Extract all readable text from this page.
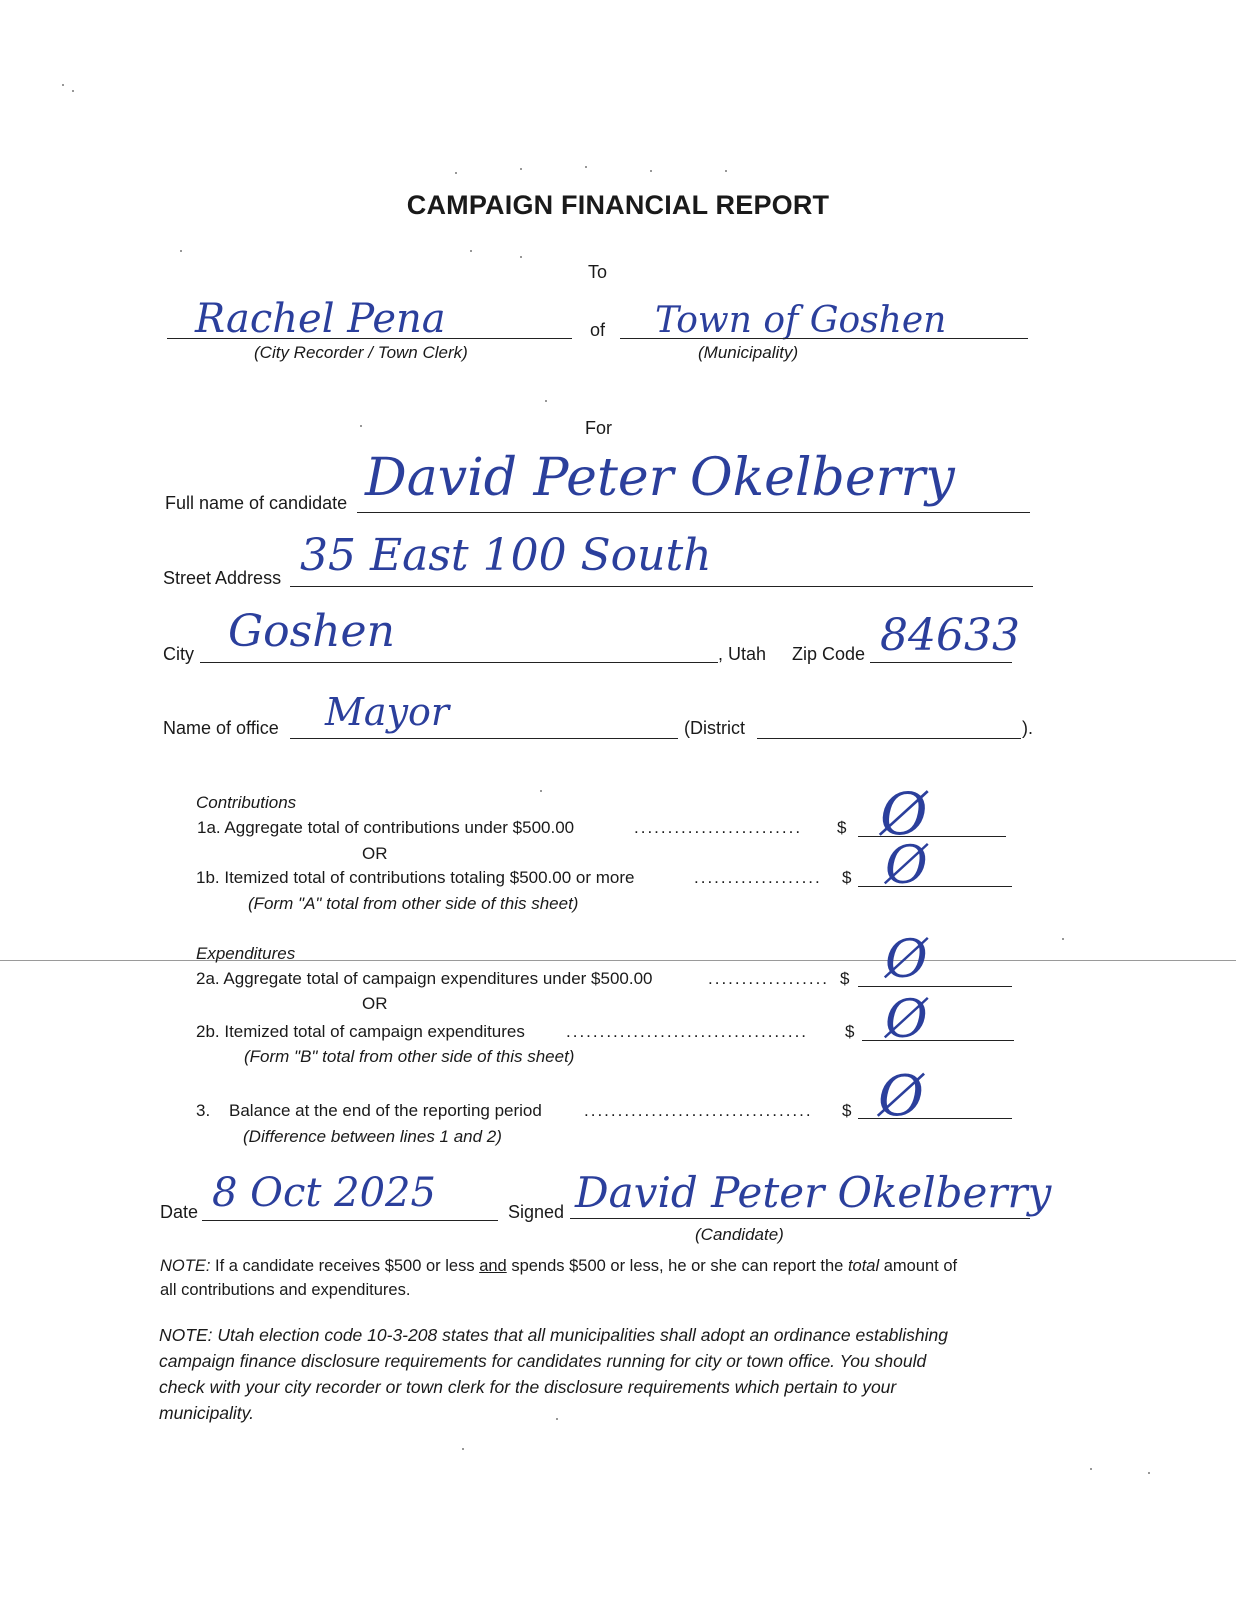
CAMPAIGN FINANCIAL REPORT
To
Rachel Pena
(City Recorder / Town Clerk)
of Town of Goshen
(Municipality)
For
Full name of candidate David Peter Okelberry
Street Address 35 East 100 South
City Goshen	, Utah Zip Code 84633
Name of office Mayor	(District	).
Contributions
1a. Aggregate total of contributions under $500.00	......................... $ Ø
OR
1b. Itemized total of contributions totaling $500.00 or more	................... $ Ø
(Form "A" total from other side of this sheet)
Expenditures
2a. Aggregate total of campaign expenditures under $500.00	.................. $ Ø
OR
2b. Itemized total of campaign expenditures .................................... $ Ø
(Form "B" total from other side of this sheet)
3. Balance at the end of the reporting period .................................. $ Ø
(Difference between lines 1 and 2)
Date 8 Oct 2025	Signed David Peter Okelberry
(Candidate)
NOTE: If a candidate receives $500 or less and spends $500 or less, he or she can report the total amount of
all contributions and expenditures.
NOTE: Utah election code 10-3-208 states that all municipalities shall adopt an ordinance establishing
campaign finance disclosure requirements for candidates running for city or town office. You should
check with your city recorder or town clerk for the disclosure requirements which pertain to your
municipality.
